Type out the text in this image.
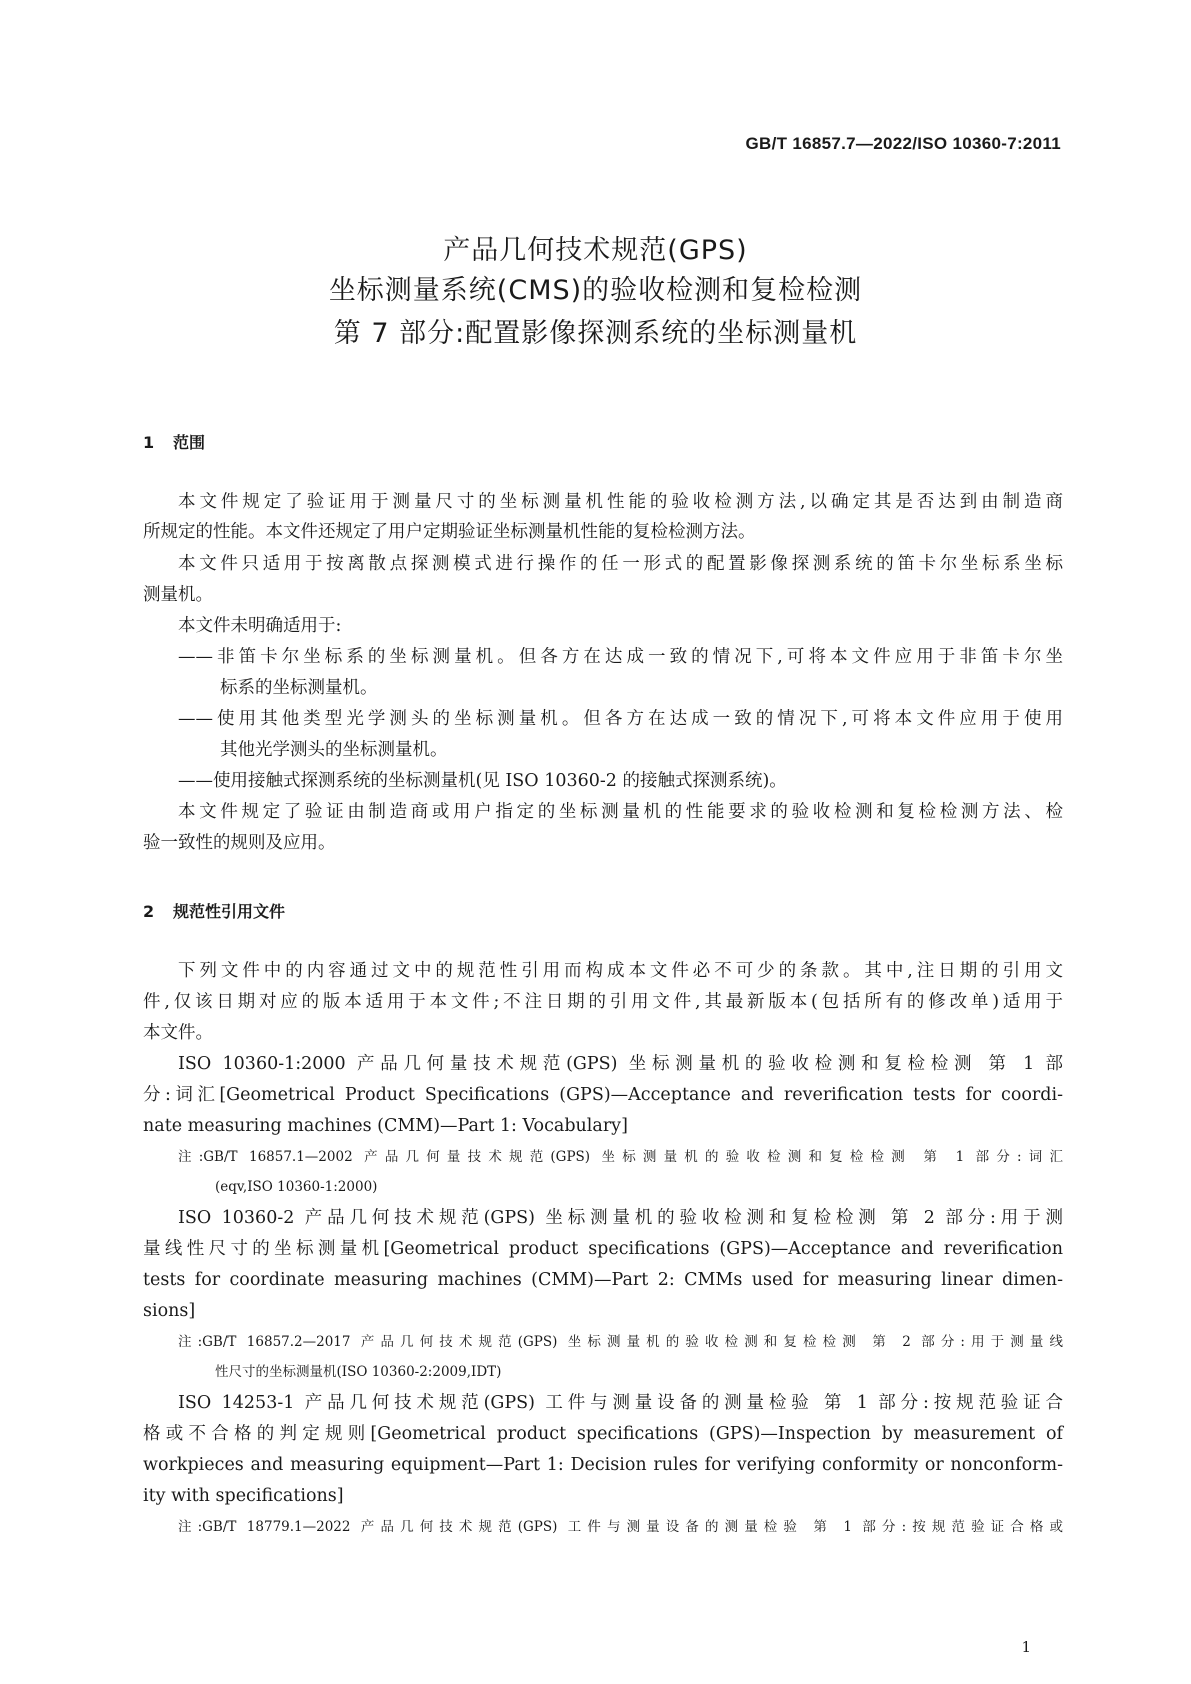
GB/T 16857.7—2022/ISO 10360-7:2011
产品几何技术规范(GPS)
坐标测量系统(CMS)的验收检测和复检检测
第 7 部分:配置影像探测系统的坐标测量机
1 范围
本文件规定了验证用于测量尺寸的坐标测量机性能的验收检测方法,以确定其是否达到由制造商
所规定的性能。本文件还规定了用户定期验证坐标测量机性能的复检检测方法。
本文件只适用于按离散点探测模式进行操作的任一形式的配置影像探测系统的笛卡尔坐标系坐标
测量机。
本文件未明确适用于:
——非笛卡尔坐标系的坐标测量机。但各方在达成一致的情况下,可将本文件应用于非笛卡尔坐
标系的坐标测量机。
——使用其他类型光学测头的坐标测量机。但各方在达成一致的情况下,可将本文件应用于使用
其他光学测头的坐标测量机。
——使用接触式探测系统的坐标测量机(见 ISO 10360-2 的接触式探测系统)。
本文件规定了验证由制造商或用户指定的坐标测量机的性能要求的验收检测和复检检测方法、检
验一致性的规则及应用。
2 规范性引用文件
下列文件中的内容通过文中的规范性引用而构成本文件必不可少的条款。其中,注日期的引用文
件,仅该日期对应的版本适用于本文件;不注日期的引用文件,其最新版本(包括所有的修改单)适用于
本文件。
ISO 10360-1:2000 产品几何量技术规范(GPS) 坐标测量机的验收检测和复检检测 第 1 部
分:词汇[Geometrical Product Specifications (GPS)—Acceptance and reverification tests for coordi-
nate measuring machines (CMM)—Part 1: Vocabulary]
注:GB/T 16857.1—2002 产品几何量技术规范(GPS) 坐标测量机的验收检测和复检检测 第 1 部分:词汇
(eqv,ISO 10360-1:2000)
ISO 10360-2 产品几何技术规范(GPS) 坐标测量机的验收检测和复检检测 第 2 部分:用于测
量线性尺寸的坐标测量机[Geometrical product specifications (GPS)—Acceptance and reverification
tests for coordinate measuring machines (CMM)—Part 2: CMMs used for measuring linear dimen-
sions]
注:GB/T 16857.2—2017 产品几何技术规范(GPS) 坐标测量机的验收检测和复检检测 第 2 部分:用于测量线
性尺寸的坐标测量机(ISO 10360-2:2009,IDT)
ISO 14253-1 产品几何技术规范(GPS) 工件与测量设备的测量检验 第 1 部分:按规范验证合
格或不合格的判定规则[Geometrical product specifications (GPS)—Inspection by measurement of
workpieces and measuring equipment—Part 1: Decision rules for verifying conformity or nonconform-
ity with specifications]
注:GB/T 18779.1—2022 产品几何技术规范(GPS) 工件与测量设备的测量检验 第 1 部分:按规范验证合格或
1
